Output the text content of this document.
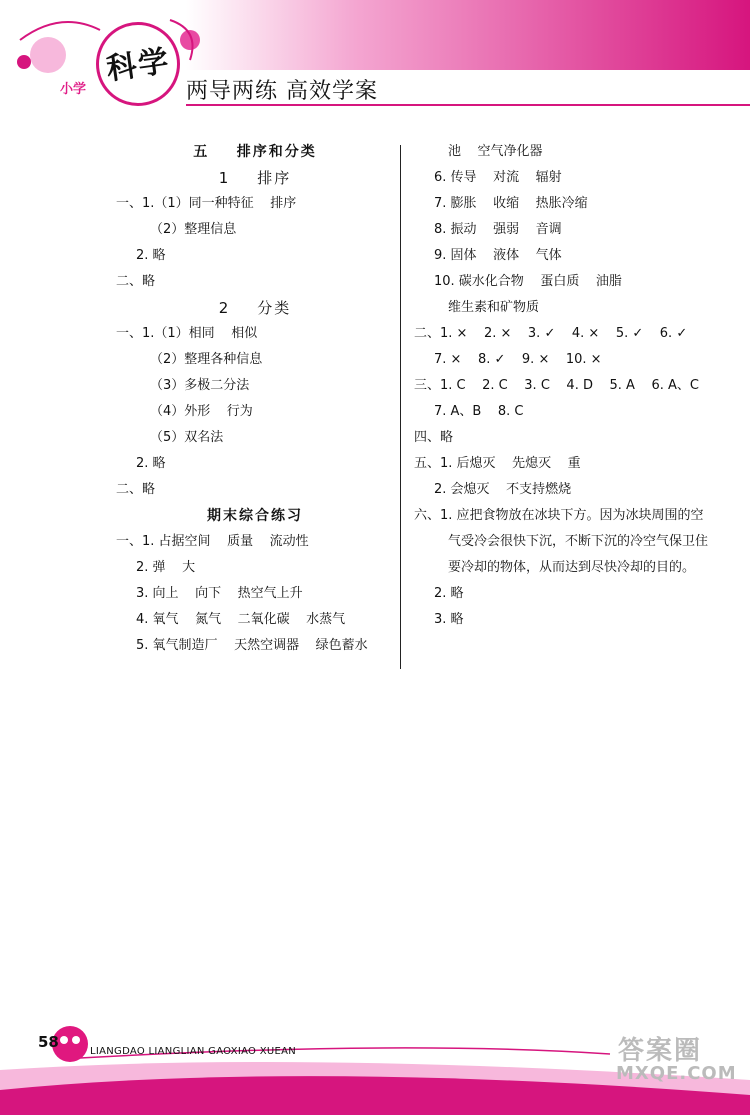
科学
小学	两导两练 高效学案
五    排序和分类
1    排序
一、1.（1）同一种特征    排序
（2）整理信息
2. 略
二、略
2    分类
一、1.（1）相同    相似
（2）整理各种信息
（3）多极二分法
（4）外形    行为
（5）双名法
2. 略
二、略
期末综合练习
一、1. 占据空间    质量    流动性
2. 弹    大
3. 向上    向下    热空气上升
4. 氧气    氮气    二氧化碳    水蒸气
5. 氧气制造厂    天然空调器    绿色蓄水
池    空气净化器
6. 传导    对流    辐射
7. 膨胀    收缩    热胀冷缩
8. 振动    强弱    音调
9. 固体    液体    气体
10. 碳水化合物    蛋白质    油脂
维生素和矿物质
二、1. ×    2. ×    3. ✓    4. ×    5. ✓    6. ✓
7. ×    8. ✓    9. ×    10. ×
三、1. C    2. C    3. C    4. D    5. A    6. A、C
7. A、B    8. C
四、略
五、1. 后熄灭    先熄灭    重
2. 会熄灭    不支持燃烧
六、1. 应把食物放在冰块下方。因为冰块周围的空气受冷会很快下沉，不断下沉的冷空气保卫住要冷却的物体，从而达到尽快冷却的目的。
2. 略
3. 略
58
LIANGDAO LIANGLIAN GAOXIAO XUEAN	答案圈
MXQE.COM
